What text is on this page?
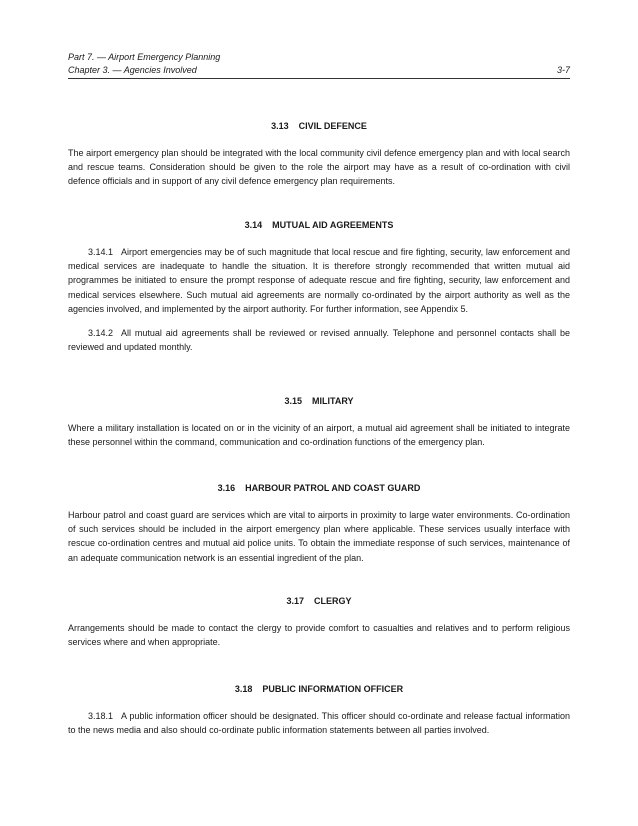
Part 7. — Airport Emergency Planning
Chapter 3. — Agencies Involved	3-7
3.13 CIVIL DEFENCE

The airport emergency plan should be integrated with the local community civil defence emergency plan and with local search and rescue teams. Consideration should be given to the role the airport may have as a result of co-ordination with civil defence officials and in support of any civil defence emergency plan requirements.

3.14 MUTUAL AID AGREEMENTS

3.14.1 Airport emergencies may be of such magnitude that local rescue and fire fighting, security, law enforcement and medical services are inadequate to handle the situation. It is therefore strongly recommended that written mutual aid programmes be initiated to ensure the prompt response of adequate rescue and fire fighting, security, law enforcement and medical services elsewhere. Such mutual aid agreements are normally co-ordinated by the airport authority as well as the agencies involved, and implemented by the airport authority. For further information, see Appendix 5.

3.14.2 All mutual aid agreements shall be reviewed or revised annually. Telephone and personnel contacts shall be reviewed and updated monthly.

3.15 MILITARY

Where a military installation is located on or in the vicinity of an airport, a mutual aid agreement shall be initiated to integrate these personnel within the command, communication and co-ordination functions of the emergency plan.

3.16 HARBOUR PATROL AND COAST GUARD

Harbour patrol and coast guard are services which are vital to airports in proximity to large water environments. Co-ordination of such services should be included in the airport emergency plan where applicable. These services usually interface with rescue co-ordination centres and mutual aid police units. To obtain the immediate response of such services, maintenance of an adequate communication network is an essential ingredient of the plan.

3.17 CLERGY

Arrangements should be made to contact the clergy to provide comfort to casualties and relatives and to perform religious services where and when appropriate.

3.18 PUBLIC INFORMATION OFFICER

3.18.1 A public information officer should be designated. This officer should co-ordinate and release factual information to the news media and also should co-ordinate public information statements between all parties involved.
